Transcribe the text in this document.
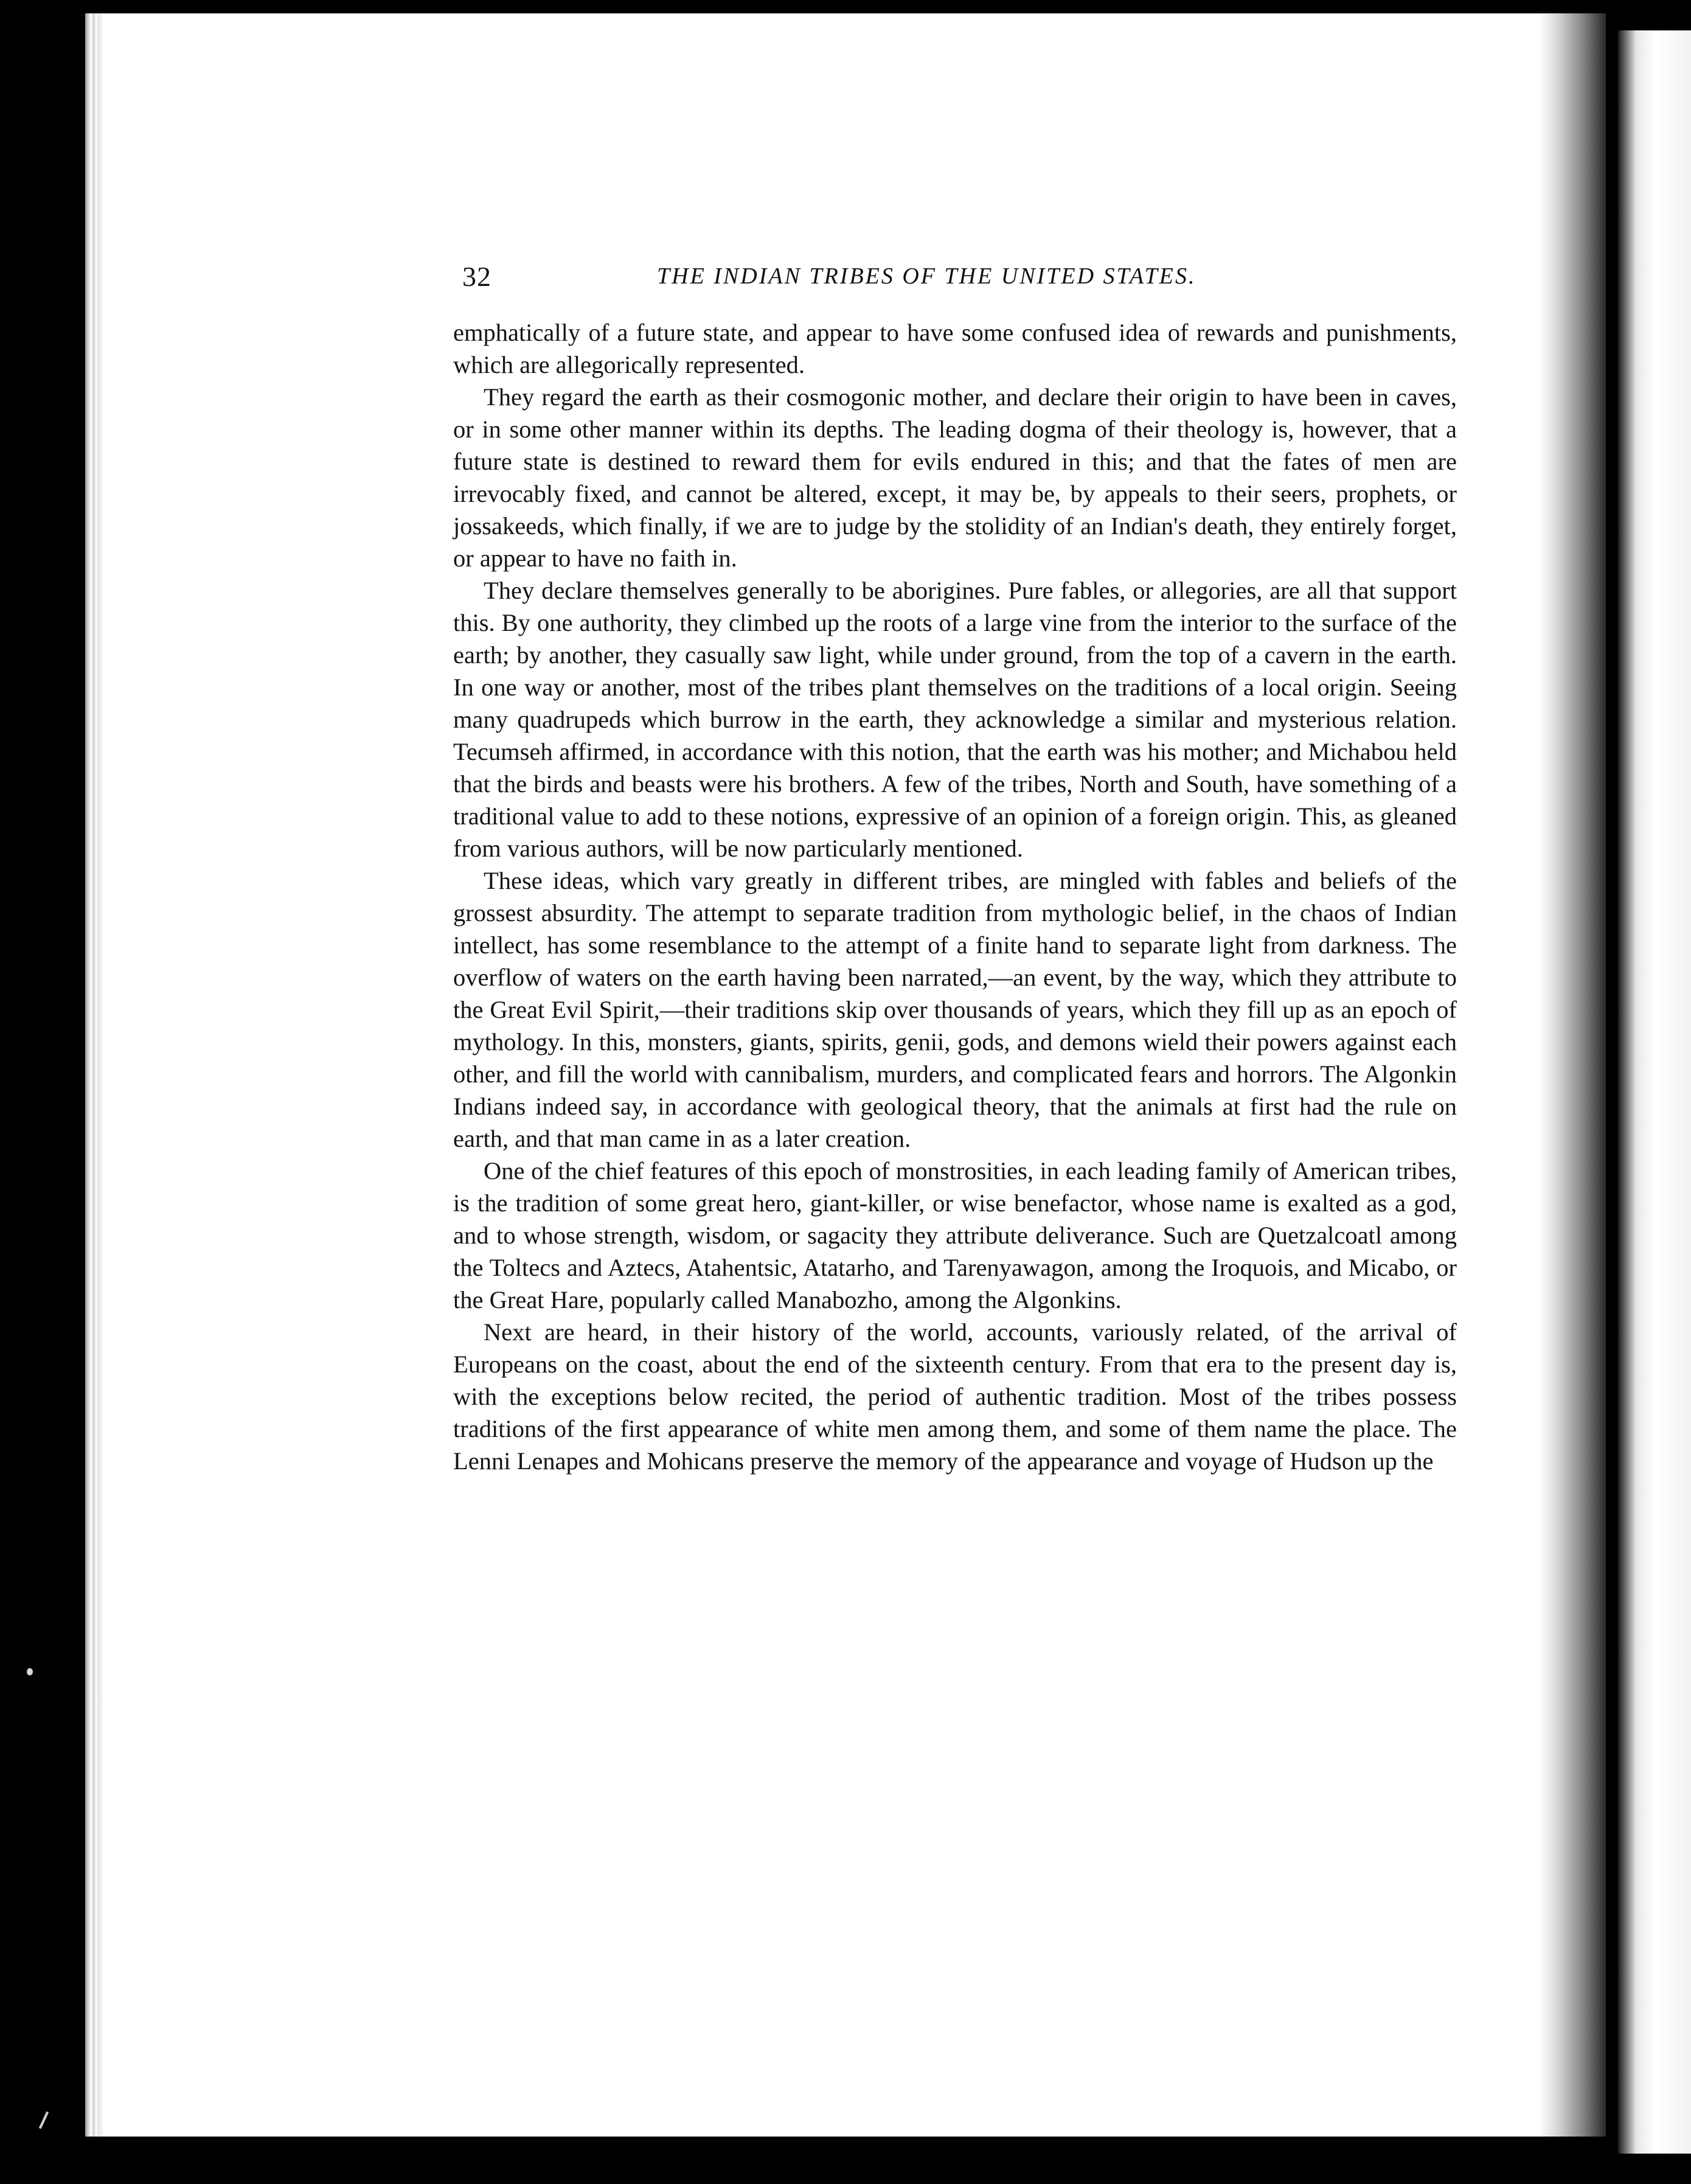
32	THE INDIAN TRIBES OF THE UNITED STATES.

emphatically of a future state, and appear to have some confused idea of rewards and punishments, which are allegorically represented.

They regard the earth as their cosmogonic mother, and declare their origin to have been in caves, or in some other manner within its depths. The leading dogma of their theology is, however, that a future state is destined to reward them for evils endured in this; and that the fates of men are irrevocably fixed, and cannot be altered, except, it may be, by appeals to their seers, prophets, or jossakeeds, which finally, if we are to judge by the stolidity of an Indian's death, they entirely forget, or appear to have no faith in.

They declare themselves generally to be aborigines. Pure fables, or allegories, are all that support this. By one authority, they climbed up the roots of a large vine from the interior to the surface of the earth; by another, they casually saw light, while under ground, from the top of a cavern in the earth. In one way or another, most of the tribes plant themselves on the traditions of a local origin. Seeing many quadrupeds which burrow in the earth, they acknowledge a similar and mysterious relation. Tecumseh affirmed, in accordance with this notion, that the earth was his mother; and Michabou held that the birds and beasts were his brothers. A few of the tribes, North and South, have something of a traditional value to add to these notions, expressive of an opinion of a foreign origin. This, as gleaned from various authors, will be now particularly mentioned.

These ideas, which vary greatly in different tribes, are mingled with fables and beliefs of the grossest absurdity. The attempt to separate tradition from mythologic belief, in the chaos of Indian intellect, has some resemblance to the attempt of a finite hand to separate light from darkness. The overflow of waters on the earth having been narrated,—an event, by the way, which they attribute to the Great Evil Spirit,—their traditions skip over thousands of years, which they fill up as an epoch of mythology. In this, monsters, giants, spirits, genii, gods, and demons wield their powers against each other, and fill the world with cannibalism, murders, and complicated fears and horrors. The Algonkin Indians indeed say, in accordance with geological theory, that the animals at first had the rule on earth, and that man came in as a later creation.

One of the chief features of this epoch of monstrosities, in each leading family of American tribes, is the tradition of some great hero, giant-killer, or wise benefactor, whose name is exalted as a god, and to whose strength, wisdom, or sagacity they attribute deliverance. Such are Quetzalcoatl among the Toltecs and Aztecs, Atahentsic, Atatarho, and Tarenyawagon, among the Iroquois, and Micabo, or the Great Hare, popularly called Manabozho, among the Algonkins.

Next are heard, in their history of the world, accounts, variously related, of the arrival of Europeans on the coast, about the end of the sixteenth century. From that era to the present day is, with the exceptions below recited, the period of authentic tradition. Most of the tribes possess traditions of the first appearance of white men among them, and some of them name the place. The Lenni Lenapes and Mohicans preserve the memory of the appearance and voyage of Hudson up the
